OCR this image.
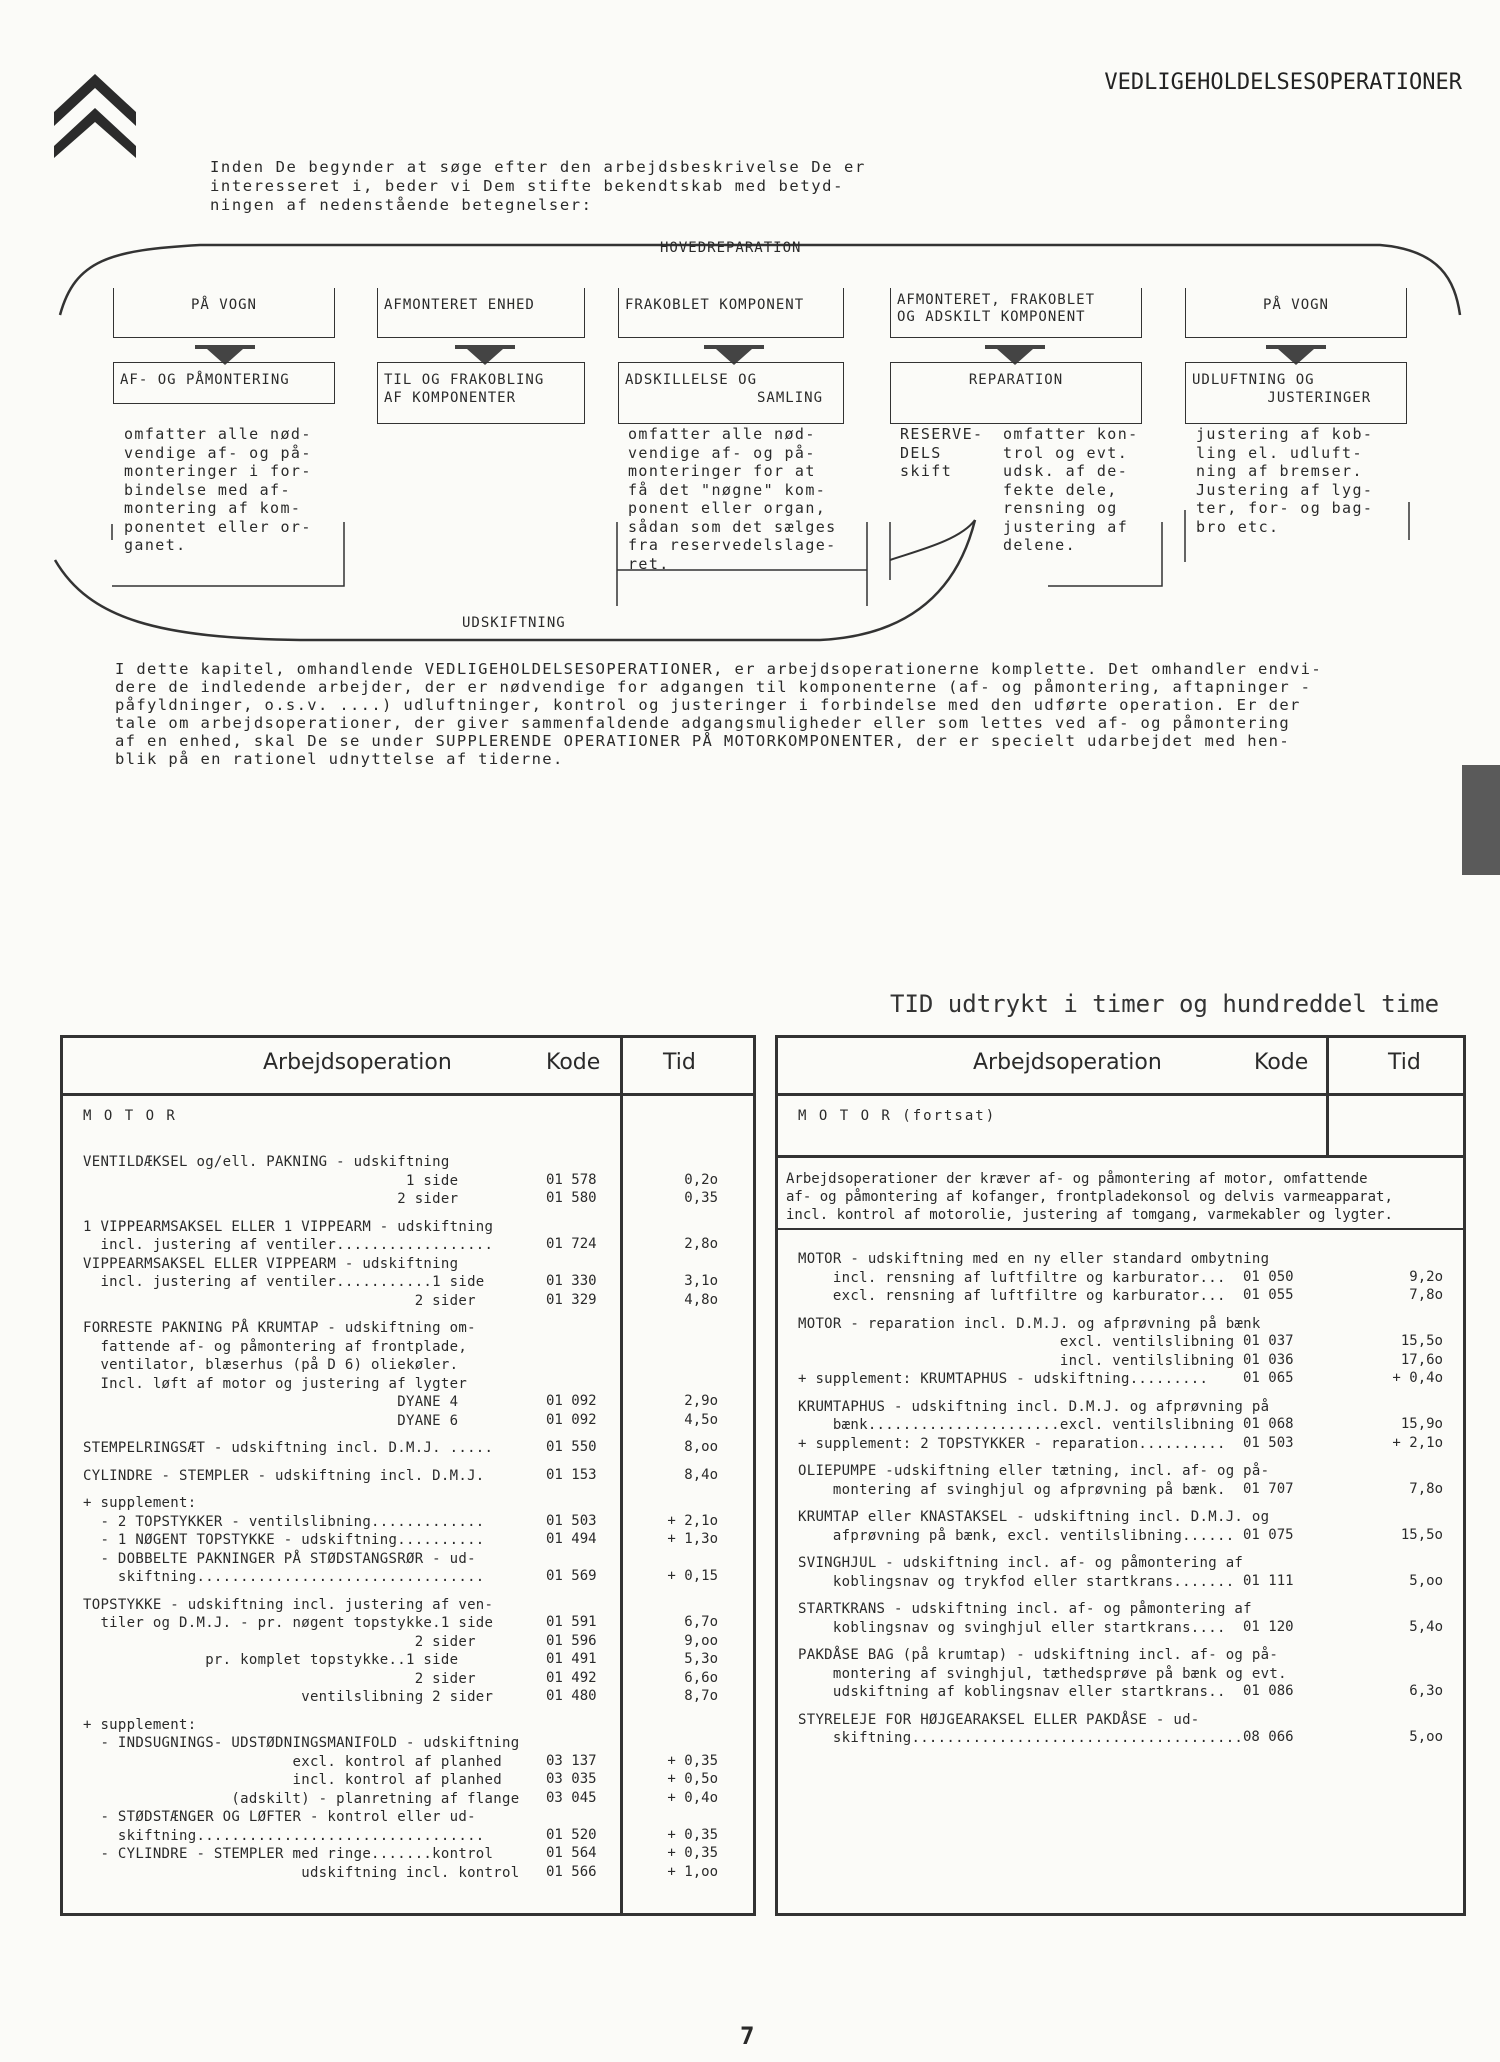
VEDLIGEHOLDELSESOPERATIONER
Inden De begynder at søge efter den arbejdsbeskrivelse De er
interesseret i, beder vi Dem stifte bekendtskab med betyd-
ningen af nedenstående betegnelser:
HOVEDREPARATION
UDSKIFTNING
PÅ VOGN	AFMONTERET ENHED	FRAKOBLET KOMPONENT	AFMONTERET, FRAKOBLET
OG ADSKILT KOMPONENT
PÅ VOGN
AF- OG PÅMONTERING	TIL OG FRAKOBLING
AF KOMPONENTER
ADSKILLELSE OG
SAMLING
REPARATION	UDLUFTNING OG
JUSTERINGER
omfatter alle nød-
vendige af- og på-
monteringer i for-
bindelse med af-
montering af kom-
ponentet eller or-
ganet.
omfatter alle nød-
vendige af- og på-
monteringer for at
få det "nøgne" kom-
ponent eller organ,
sådan som det sælges
fra reservedelslage-
ret.
RESERVE-
DELS
skift
omfatter kon-
trol og evt.
udsk. af de-
fekte dele,
rensning og
justering af
delene.
justering af kob-
ling el. udluft-
ning af bremser.
Justering af lyg-
ter, for- og bag-
bro etc.
I dette kapitel, omhandlende VEDLIGEHOLDELSESOPERATIONER, er arbejdsoperationerne komplette. Det omhandler endvi-
dere de indledende arbejder, der er nødvendige for adgangen til komponenterne (af- og påmontering, aftapninger -
påfyldninger, o.s.v. ....) udluftninger, kontrol og justeringer i forbindelse med den udførte operation. Er der
tale om arbejdsoperationer, der giver sammenfaldende adgangsmuligheder eller som lettes ved af- og påmontering
af en enhed, skal De se under SUPPLERENDE OPERATIONER PÅ MOTORKOMPONENTER, der er specielt udarbejdet med hen-
blik på en rationel udnyttelse af tiderne.
TID udtrykt i timer og hundreddel time
Arbejdsoperation	Kode	Tid
M O T O R
VENTILDÆKSEL og/ell. PAKNING - udskiftning
1 side	01 578	0,2o
2 sider	01 580	0,35
1 VIPPEARMSAKSEL ELLER 1 VIPPEARM - udskiftning
incl. justering af ventiler..................	01 724	2,8o
VIPPEARMSAKSEL ELLER VIPPEARM - udskiftning
incl. justering af ventiler...........1 side	01 330	3,1o
2 sider	01 329	4,8o
FORRESTE PAKNING PÅ KRUMTAP - udskiftning om-
fattende af- og påmontering af frontplade,
ventilator, blæserhus (på D 6) oliekøler.
Incl. løft af motor og justering af lygter
DYANE 4	01 092	2,9o
DYANE 6	01 092	4,5o
STEMPELRINGSÆT - udskiftning incl. D.M.J. .....	01 550	8,oo
CYLINDRE - STEMPLER - udskiftning incl. D.M.J.	01 153	8,4o
+ supplement:
- 2 TOPSTYKKER - ventilslibning.............	01 503	+ 2,1o
- 1 NØGENT TOPSTYKKE - udskiftning..........	01 494	+ 1,3o
- DOBBELTE PAKNINGER PÅ STØDSTANGSRØR - ud-
skiftning.................................	01 569	+ 0,15
TOPSTYKKE - udskiftning incl. justering af ven-
tiler og D.M.J. - pr. nøgent topstykke.1 side	01 591	6,7o
2 sider	01 596	9,oo
pr. komplet topstykke..1 side	01 491	5,3o
2 sider	01 492	6,6o
ventilslibning 2 sider	01 480	8,7o
+ supplement:
- INDSUGNINGS- UDSTØDNINGSMANIFOLD - udskiftning
excl. kontrol af planhed	03 137	+ 0,35
incl. kontrol af planhed	03 035	+ 0,5o
(adskilt) - planretning af flange 03 045	+ 0,4o
- STØDSTÆNGER OG LØFTER - kontrol eller ud-
skiftning.................................	01 520	+ 0,35
- CYLINDRE - STEMPLER med ringe.......kontrol	01 564	+ 0,35
udskiftning incl. kontrol 01 566	+ 1,oo
Arbejdsoperation	Kode	Tid
M O T O R (fortsat)
Arbejdsoperationer der kræver af- og påmontering af motor, omfattende
af- og påmontering af kofanger, frontpladekonsol og delvis varmeapparat,
incl. kontrol af motorolie, justering af tomgang, varmekabler og lygter.
MOTOR - udskiftning med en ny eller standard ombytning
incl. rensning af luftfiltre og karburator... 01 050	9,2o
excl. rensning af luftfiltre og karburator... 01 055	7,8o
MOTOR - reparation incl. D.M.J. og afprøvning på bænk
excl. ventilslibning 01 037	15,5o
incl. ventilslibning 01 036	17,6o
+ supplement: KRUMTAPHUS - udskiftning......... 01 065	+ 0,4o
KRUMTAPHUS - udskiftning incl. D.M.J. og afprøvning på
bænk......................excl. ventilslibning 01 068	15,9o
+ supplement: 2 TOPSTYKKER - reparation.......... 01 503	+ 2,1o
OLIEPUMPE -udskiftning eller tætning, incl. af- og på-
montering af svinghjul og afprøvning på bænk. 01 707	7,8o
KRUMTAP eller KNASTAKSEL - udskiftning incl. D.M.J. og
afprøvning på bænk, excl. ventilslibning...... 01 075	15,5o
SVINGHJUL - udskiftning incl. af- og påmontering af
koblingsnav og trykfod eller startkrans....... 01 111	5,oo
STARTKRANS - udskiftning incl. af- og påmontering af
koblingsnav og svinghjul eller startkrans.... 01 120	5,4o
PAKDÅSE BAG (på krumtap) - udskiftning incl. af- og på-
montering af svinghjul, tæthedsprøve på bænk og evt.
udskiftning af koblingsnav eller startkrans.. 01 086	6,3o
STYRELEJE FOR HØJGEARAKSEL ELLER PAKDÅSE - ud-
skiftning...................................... 08 066	5,oo
7
